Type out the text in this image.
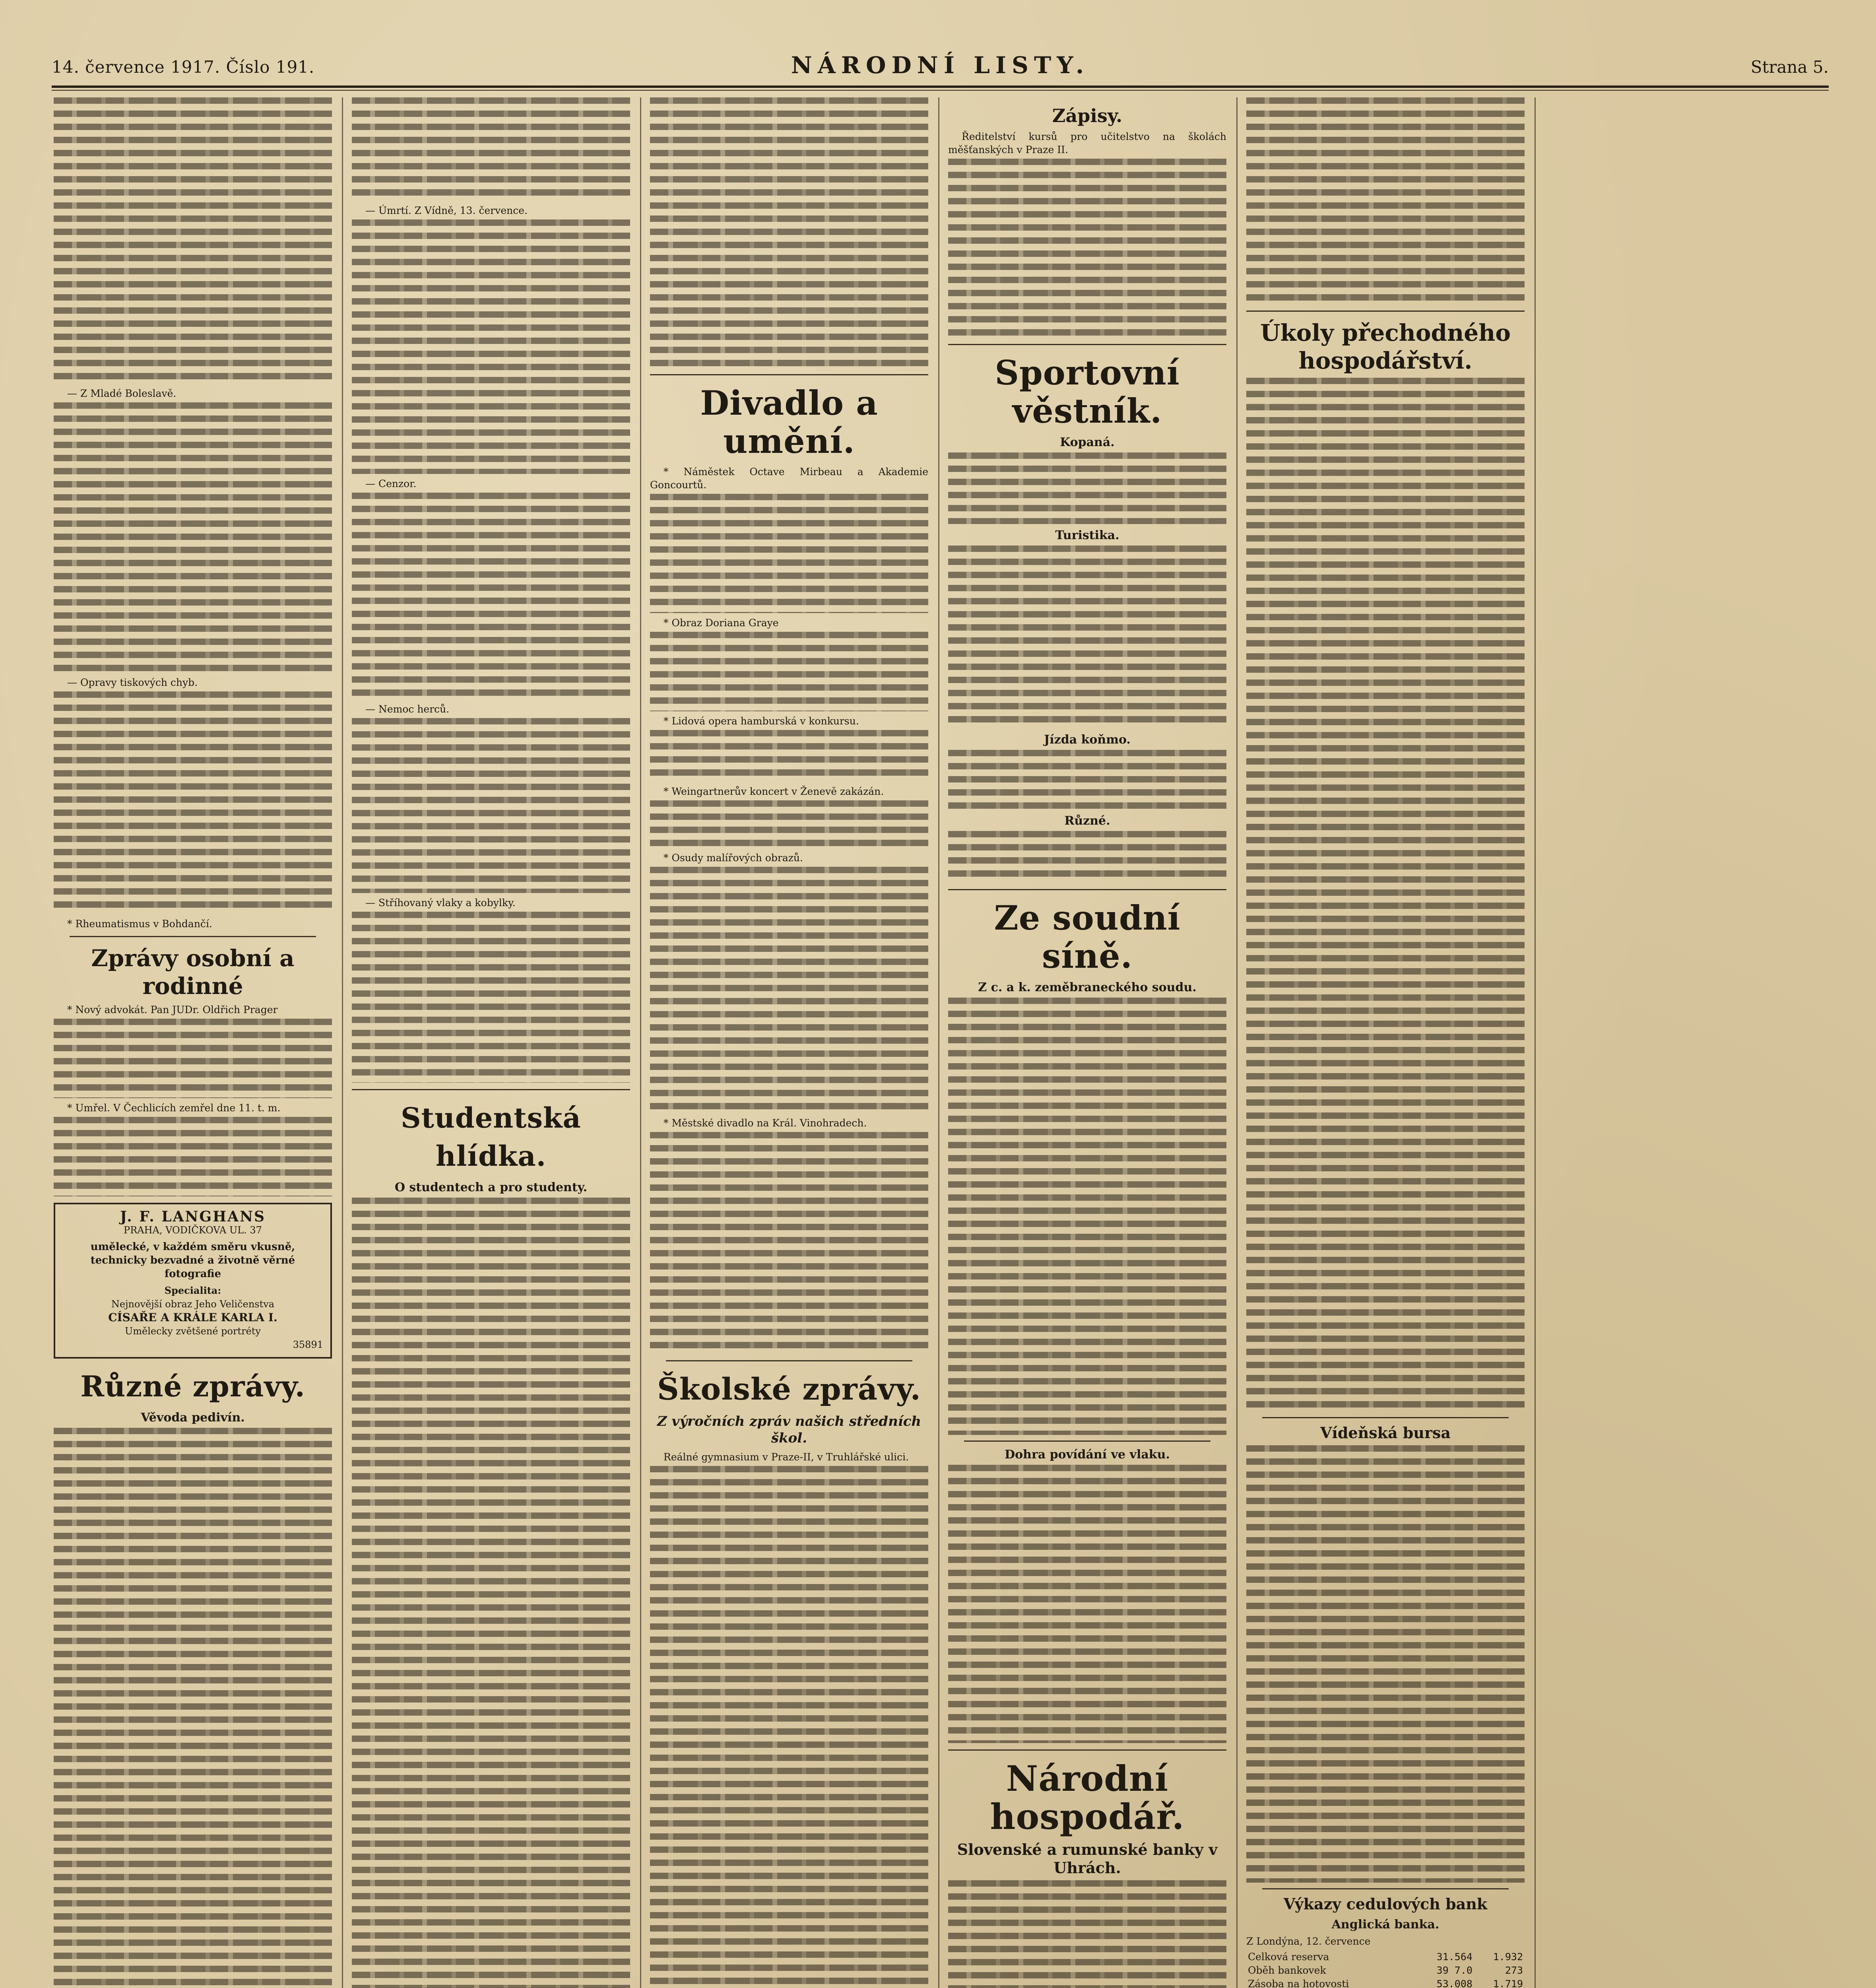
14. července 1917. Číslo 191.	NÁRODNÍ LISTY.	Strana 5.

— Z Mladé Boleslavě.

— Opravy tiskových chyb.

* Rheumatismus v Bohdančí.

Zprávy osobní a rodinné

* Nový advokát. Pan JUDr. Oldřich Prager

* Umřel. V Čechlicích zemřel dne 11. t. m.

J. F. LANGHANS
PRAHA, VODIČKOVA UL. 37
umělecké, v každém směru vkusně, technicky bezvadné a životně věrné fotografie
Specialita:
Nejnovější obraz Jeho Veličenstva
CÍSAŘE A KRÁLE KARLA I.
Umělecky zvětšené portréty
35891
Různé zprávy.
Věvoda pedivín.

— Úmrtí. Z Vídně, 13. července.

— Cenzor.

— Nemoc herců.

— Stříhovaný vlaky a kobylky.

Studentská hlídka.
O studentech a pro studenty.
Divadlo a umění.

* Náměstek Octave Mirbeau a Akademie Goncourtů.

* Obraz Doriana Graye

* Lidová opera hamburská v konkursu.

* Weingartnerův koncert v Ženevě zakázán.

* Osudy malířových obrazů.

* Městské divadlo na Král. Vinohradech.

Školské zprávy.
Z výročních zpráv našich středních škol.

Reálné gymnasium v Praze-II, v Truhlářské ulici.

Zápisy.

Ředitelství kursů pro učitelstvo na školách měšťanských v Praze II.

Sportovní věstník.
Kopaná.
Turistika.
Jízda koňmo.
Různé.
Ze soudní síně.
Z c. a k. zeměbraneckého soudu.
Dohra povídání ve vlaku.
Národní hospodář.
Slovenské a rumunské banky v Uhrách.
Úkoly přechodného hospodářství.
Vídeňská bursa
Výkazy cedulových bank
Anglická banka.

Z Londýna, 12. července

Celková reserva	31.564	1.932
Oběh bankovek	39 7.0	273
Zásoba na hotovosti	53.008	1.719
